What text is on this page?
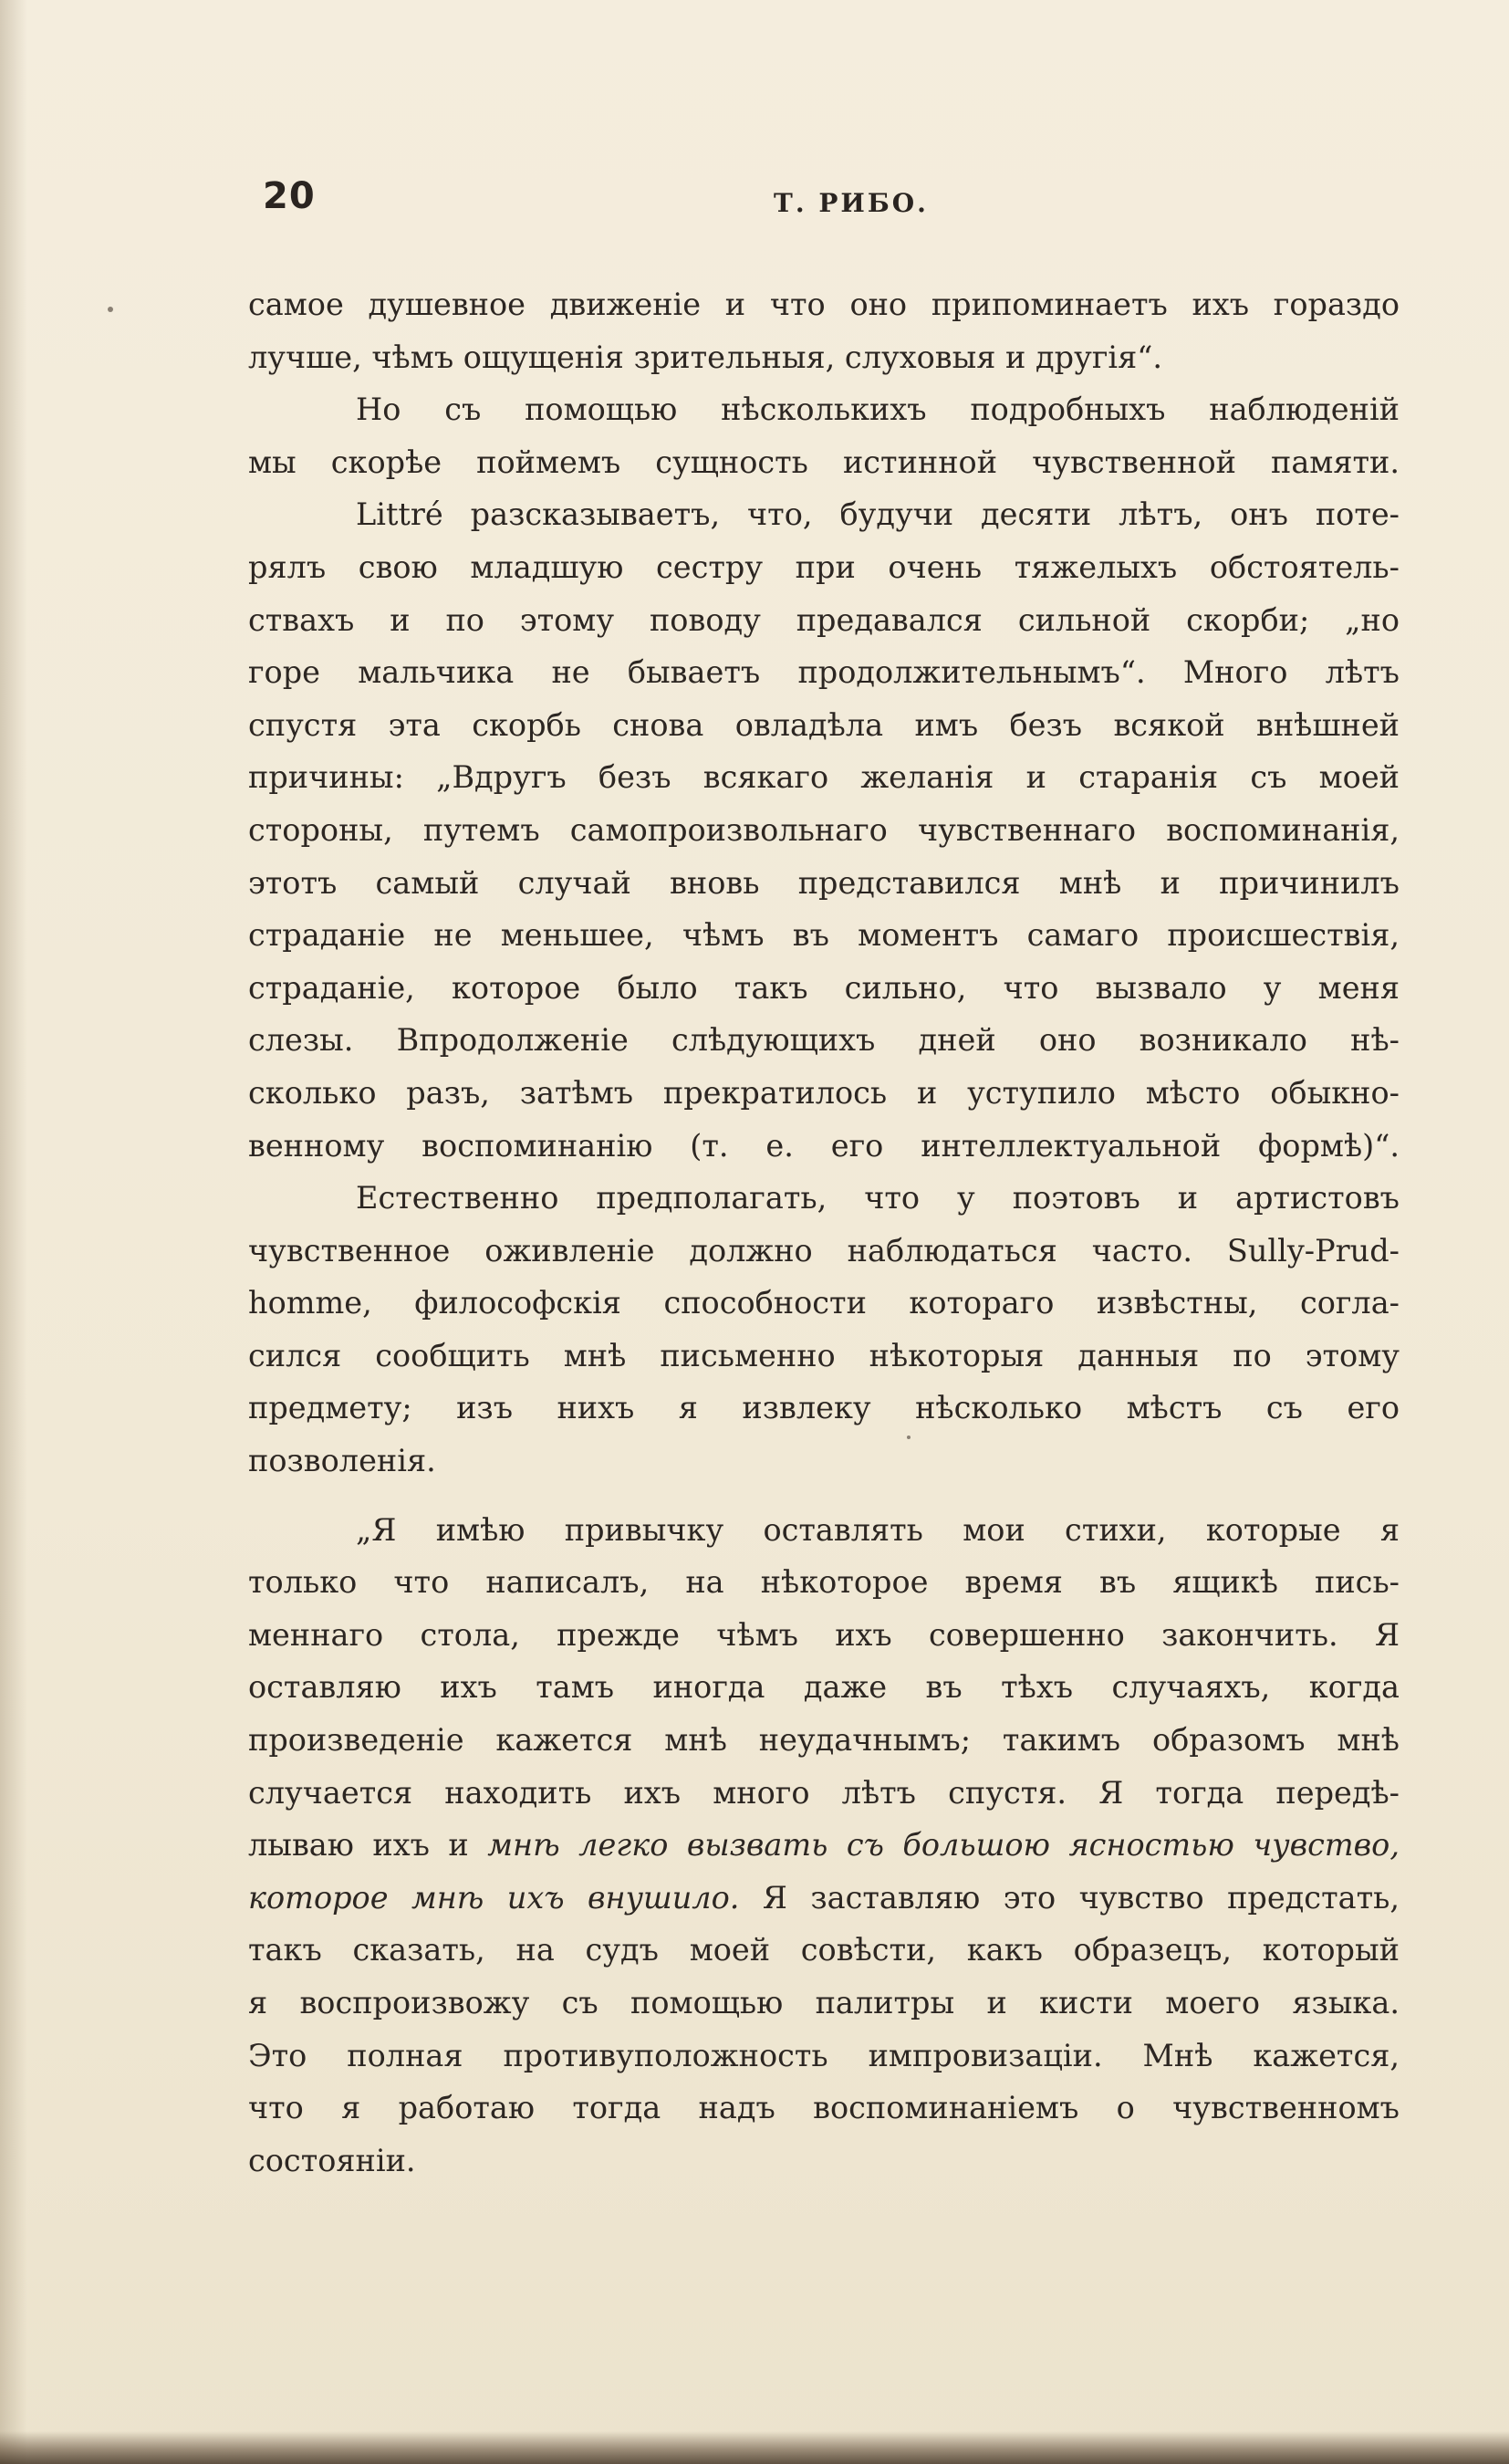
20	Т. РИБО.
самое душевное движеніе и что оно припоминаетъ ихъ гораздо
лучше, чѣмъ ощущенія зрительныя, слуховыя и другія“.
Но съ помощью нѣсколькихъ подробныхъ наблюденій
мы скорѣе поймемъ сущность истинной чувственной памяти.
Littré разсказываетъ, что, будучи десяти лѣтъ, онъ поте-
рялъ свою младшую сестру при очень тяжелыхъ обстоятель-
ствахъ и по этому поводу предавался сильной скорби; „но
горе мальчика не бываетъ продолжительнымъ“. Много лѣтъ
спустя эта скорбь снова овладѣла имъ безъ всякой внѣшней
причины: „Вдругъ безъ всякаго желанія и старанія съ моей
стороны, путемъ самопроизвольнаго чувственнаго воспоминанія,
этотъ самый случай вновь представился мнѣ и причинилъ
страданіе не меньшее, чѣмъ въ моментъ самаго происшествія,
страданіе, которое было такъ сильно, что вызвало у меня
слезы. Впродолженіе слѣдующихъ дней оно возникало нѣ-
сколько разъ, затѣмъ прекратилось и уступило мѣсто обыкно-
венному воспоминанію (т. е. его интеллектуальной формѣ)“.
Естественно предполагать, что у поэтовъ и артистовъ
чувственное оживленіе должно наблюдаться часто. Sully-Prud-
homme, философскія способности котораго извѣстны, согла-
сился сообщить мнѣ письменно нѣкоторыя данныя по этому
предмету; изъ нихъ я извлеку нѣсколько мѣстъ съ его
позволенія.
„Я имѣю привычку оставлять мои стихи, которые я
только что написалъ, на нѣкоторое время въ ящикѣ пись-
меннаго стола, прежде чѣмъ ихъ совершенно закончить. Я
оставляю ихъ тамъ иногда даже въ тѣхъ случаяхъ, когда
произведеніе кажется мнѣ неудачнымъ; такимъ образомъ мнѣ
случается находить ихъ много лѣтъ спустя. Я тогда передѣ-
лываю ихъ и мнѣ легко вызвать съ большою ясностью чувство,
которое мнѣ ихъ внушило. Я заставляю это чувство предстать,
такъ сказать, на судъ моей совѣсти, какъ образецъ, который
я воспроизвожу съ помощью палитры и кисти моего языка.
Это полная противуположность импровизаціи. Мнѣ кажется,
что я работаю тогда надъ воспоминаніемъ о чувственномъ
состояніи.
